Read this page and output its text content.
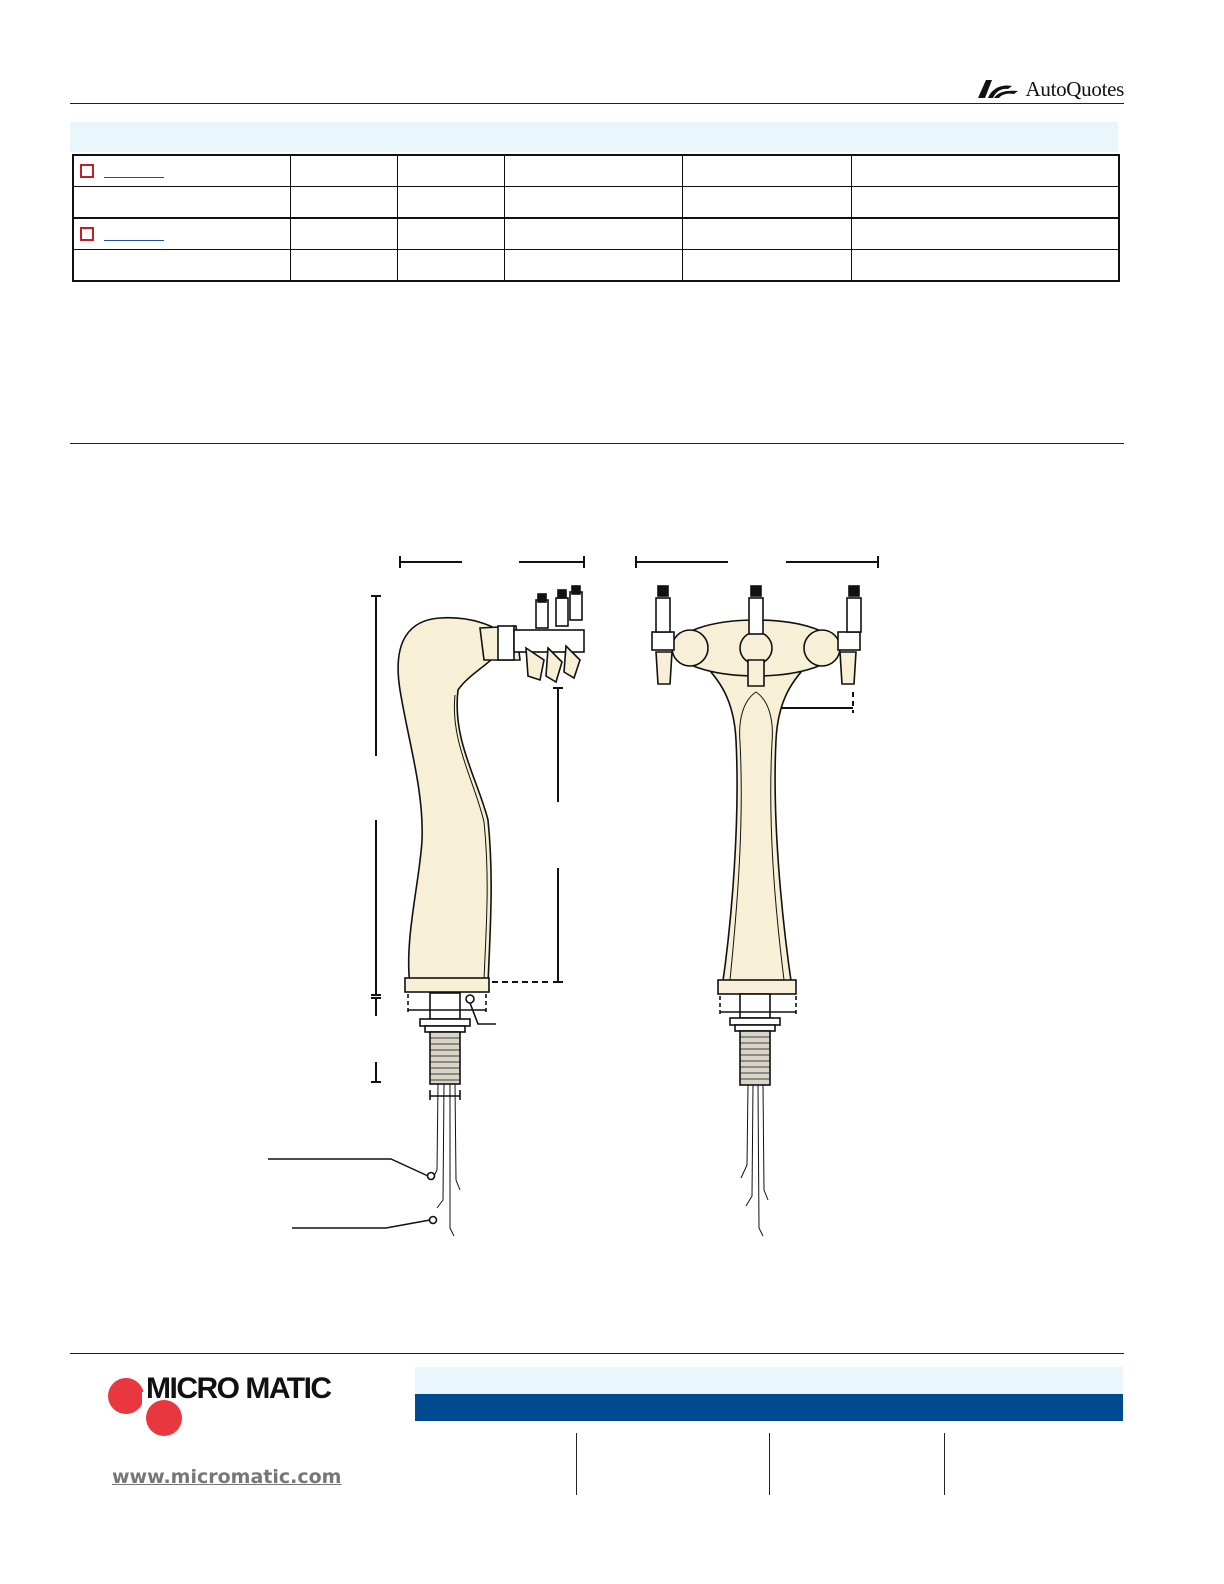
AutoQuotes

MICRO MATIC
www.micromatic.com
